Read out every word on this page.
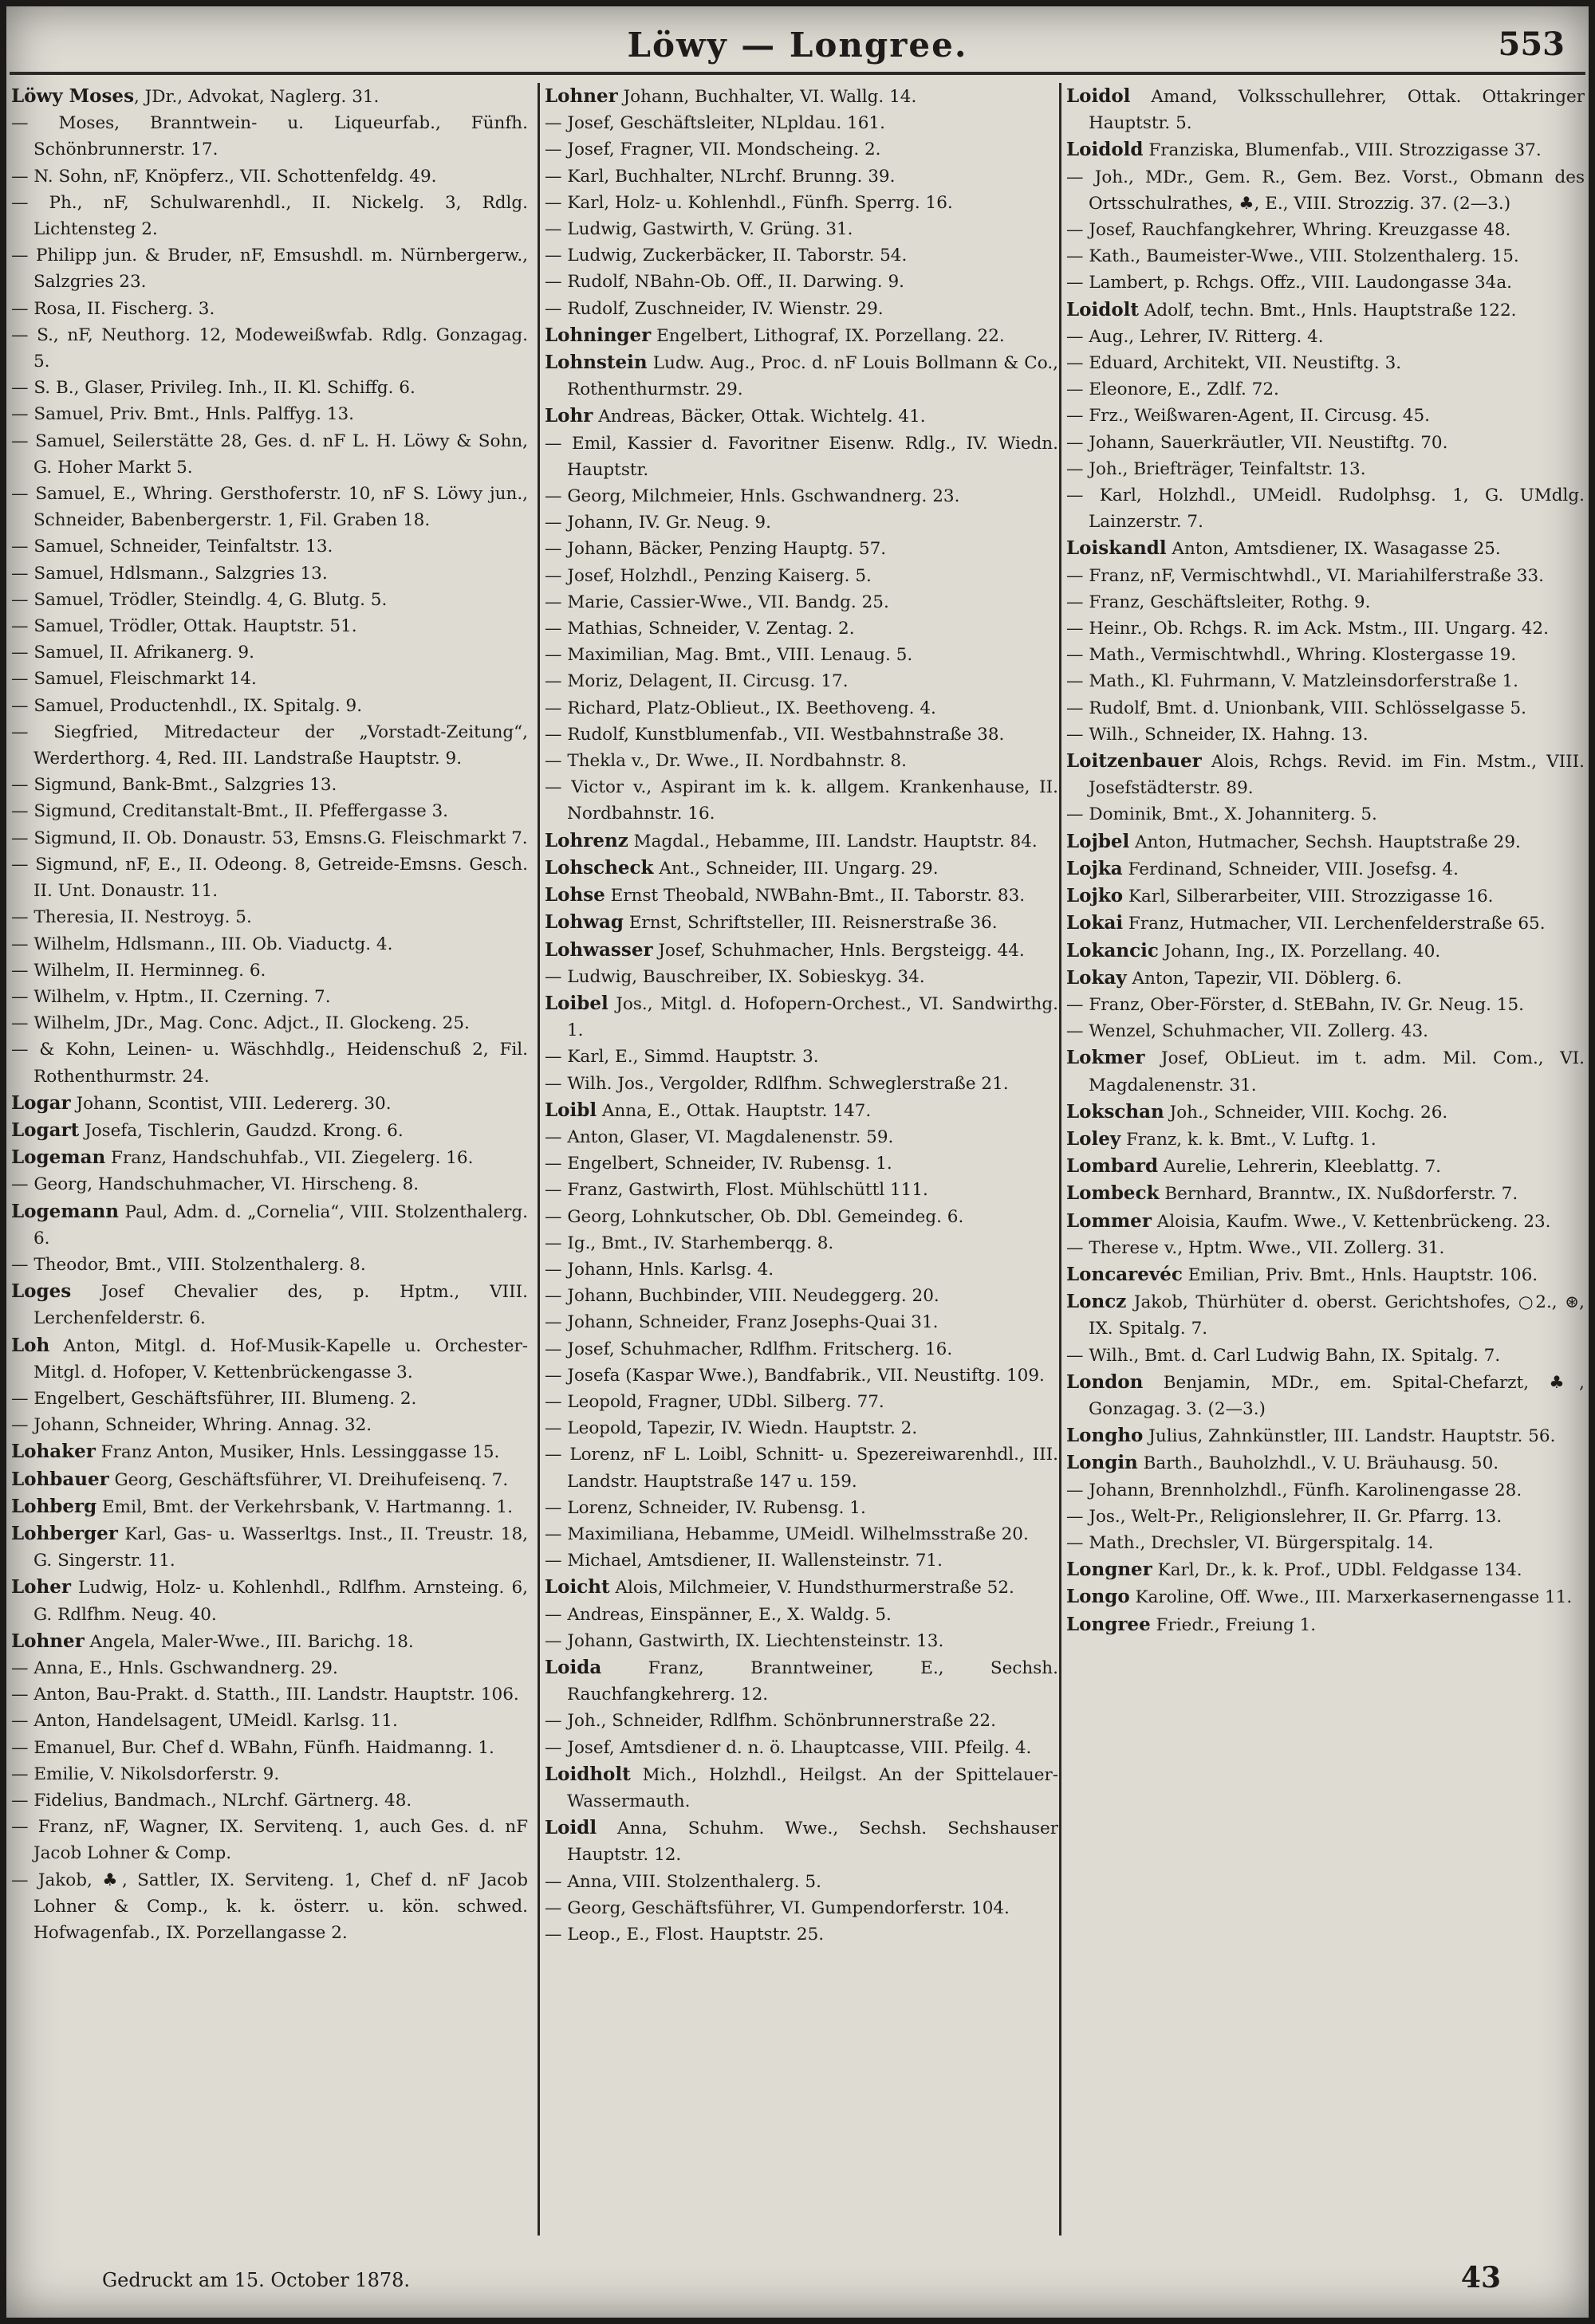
Löwy — Longree.	553

Löwy Moses, JDr., Advokat, Naglerg. 31.

— Moses, Branntwein- u. Liqueurfab., Fünfh. Schönbrunnerstr. 17.

— N. Sohn, nF, Knöpferz., VII. Schottenfeldg. 49.

— Ph., nF, Schulwarenhdl., II. Nickelg. 3, Rdlg. Lichtensteg 2.

— Philipp jun. & Bruder, nF, Emsushdl. m. Nürnbergerw., Salzgries 23.

— Rosa, II. Fischerg. 3.

— S., nF, Neuthorg. 12, Modeweißwfab. Rdlg. Gonzagag. 5.

— S. B., Glaser, Privileg. Inh., II. Kl. Schiffg. 6.

— Samuel, Priv. Bmt., Hnls. Palffyg. 13.

— Samuel, Seilerstätte 28, Ges. d. nF L. H. Löwy & Sohn, G. Hoher Markt 5.

— Samuel, E., Whring. Gersthoferstr. 10, nF S. Löwy jun., Schneider, Babenbergerstr. 1, Fil. Graben 18.

— Samuel, Schneider, Teinfaltstr. 13.

— Samuel, Hdlsmann., Salzgries 13.

— Samuel, Trödler, Steindlg. 4, G. Blutg. 5.

— Samuel, Trödler, Ottak. Hauptstr. 51.

— Samuel, II. Afrikanerg. 9.

— Samuel, Fleischmarkt 14.

— Samuel, Productenhdl., IX. Spitalg. 9.

— Siegfried, Mitredacteur der „Vorstadt-Zeitung“, Werderthorg. 4, Red. III. Landstraße Hauptstr. 9.

— Sigmund, Bank-Bmt., Salzgries 13.

— Sigmund, Creditanstalt-Bmt., II. Pfeffergasse 3.

— Sigmund, II. Ob. Donaustr. 53, Emsns.G. Fleischmarkt 7.

— Sigmund, nF, E., II. Odeong. 8, Getreide-Emsns. Gesch. II. Unt. Donaustr. 11.

— Theresia, II. Nestroyg. 5.

— Wilhelm, Hdlsmann., III. Ob. Viaductg. 4.

— Wilhelm, II. Herminneg. 6.

— Wilhelm, v. Hptm., II. Czerning. 7.

— Wilhelm, JDr., Mag. Conc. Adjct., II. Glockeng. 25.

— & Kohn, Leinen- u. Wäschhdlg., Heidenschuß 2, Fil. Rothenthurmstr. 24.

Logar Johann, Scontist, VIII. Ledererg. 30.

Logart Josefa, Tischlerin, Gaudzd. Krong. 6.

Logeman Franz, Handschuhfab., VII. Ziegelerg. 16.

— Georg, Handschuhmacher, VI. Hirscheng. 8.

Logemann Paul, Adm. d. „Cornelia“, VIII. Stolzenthalerg. 6.

— Theodor, Bmt., VIII. Stolzenthalerg. 8.

Loges Josef Chevalier des, p. Hptm., VIII. Lerchenfelderstr. 6.

Loh Anton, Mitgl. d. Hof-Musik-Kapelle u. Orchester-Mitgl. d. Hofoper, V. Kettenbrückengasse 3.

— Engelbert, Geschäftsführer, III. Blumeng. 2.

— Johann, Schneider, Whring. Annag. 32.

Lohaker Franz Anton, Musiker, Hnls. Lessinggasse 15.

Lohbauer Georg, Geschäftsführer, VI. Dreihufeisenq. 7.

Lohberg Emil, Bmt. der Verkehrsbank, V. Hartmanng. 1.

Lohberger Karl, Gas- u. Wasserltgs. Inst., II. Treustr. 18, G. Singerstr. 11.

Loher Ludwig, Holz- u. Kohlenhdl., Rdlfhm. Arnsteing. 6, G. Rdlfhm. Neug. 40.

Lohner Angela, Maler-Wwe., III. Barichg. 18.

— Anna, E., Hnls. Gschwandnerg. 29.

— Anton, Bau-Prakt. d. Statth., III. Landstr. Hauptstr. 106.

— Anton, Handelsagent, UMeidl. Karlsg. 11.

— Emanuel, Bur. Chef d. WBahn, Fünfh. Haidmanng. 1.

— Emilie, V. Nikolsdorferstr. 9.

— Fidelius, Bandmach., NLrchf. Gärtnerg. 48.

— Franz, nF, Wagner, IX. Servitenq. 1, auch Ges. d. nF Jacob Lohner & Comp.

— Jakob, ♣, Sattler, IX. Serviteng. 1, Chef d. nF Jacob Lohner & Comp., k. k. österr. u. kön. schwed. Hofwagenfab., IX. Porzellangasse 2.

Lohner Johann, Buchhalter, VI. Wallg. 14.

— Josef, Geschäftsleiter, NLpldau. 161.

— Josef, Fragner, VII. Mondscheing. 2.

— Karl, Buchhalter, NLrchf. Brunng. 39.

— Karl, Holz- u. Kohlenhdl., Fünfh. Sperrg. 16.

— Ludwig, Gastwirth, V. Grüng. 31.

— Ludwig, Zuckerbäcker, II. Taborstr. 54.

— Rudolf, NBahn-Ob. Off., II. Darwing. 9.

— Rudolf, Zuschneider, IV. Wienstr. 29.

Lohninger Engelbert, Lithograf, IX. Porzellang. 22.

Lohnstein Ludw. Aug., Proc. d. nF Louis Bollmann & Co., Rothenthurmstr. 29.

Lohr Andreas, Bäcker, Ottak. Wichtelg. 41.

— Emil, Kassier d. Favoritner Eisenw. Rdlg., IV. Wiedn. Hauptstr.

— Georg, Milchmeier, Hnls. Gschwandnerg. 23.

— Johann, IV. Gr. Neug. 9.

— Johann, Bäcker, Penzing Hauptg. 57.

— Josef, Holzhdl., Penzing Kaiserg. 5.

— Marie, Cassier-Wwe., VII. Bandg. 25.

— Mathias, Schneider, V. Zentag. 2.

— Maximilian, Mag. Bmt., VIII. Lenaug. 5.

— Moriz, Delagent, II. Circusg. 17.

— Richard, Platz-Oblieut., IX. Beethoveng. 4.

— Rudolf, Kunstblumenfab., VII. Westbahnstraße 38.

— Thekla v., Dr. Wwe., II. Nordbahnstr. 8.

— Victor v., Aspirant im k. k. allgem. Krankenhause, II. Nordbahnstr. 16.

Lohrenz Magdal., Hebamme, III. Landstr. Hauptstr. 84.

Lohscheck Ant., Schneider, III. Ungarg. 29.

Lohse Ernst Theobald, NWBahn-Bmt., II. Taborstr. 83.

Lohwag Ernst, Schriftsteller, III. Reisnerstraße 36.

Lohwasser Josef, Schuhmacher, Hnls. Bergsteigg. 44.

— Ludwig, Bauschreiber, IX. Sobieskyg. 34.

Loibel Jos., Mitgl. d. Hofopern-Orchest., VI. Sandwirthg. 1.

— Karl, E., Simmd. Hauptstr. 3.

— Wilh. Jos., Vergolder, Rdlfhm. Schweglerstraße 21.

Loibl Anna, E., Ottak. Hauptstr. 147.

— Anton, Glaser, VI. Magdalenenstr. 59.

— Engelbert, Schneider, IV. Rubensg. 1.

— Franz, Gastwirth, Flost. Mühlschüttl 111.

— Georg, Lohnkutscher, Ob. Dbl. Gemeindeg. 6.

— Ig., Bmt., IV. Starhemberqg. 8.

— Johann, Hnls. Karlsg. 4.

— Johann, Buchbinder, VIII. Neudeggerg. 20.

— Johann, Schneider, Franz Josephs-Quai 31.

— Josef, Schuhmacher, Rdlfhm. Fritscherg. 16.

— Josefa (Kaspar Wwe.), Bandfabrik., VII. Neustiftg. 109.

— Leopold, Fragner, UDbl. Silberg. 77.

— Leopold, Tapezir, IV. Wiedn. Hauptstr. 2.

— Lorenz, nF L. Loibl, Schnitt- u. Spezereiwarenhdl., III. Landstr. Hauptstraße 147 u. 159.

— Lorenz, Schneider, IV. Rubensg. 1.

— Maximiliana, Hebamme, UMeidl. Wilhelmsstraße 20.

— Michael, Amtsdiener, II. Wallensteinstr. 71.

Loicht Alois, Milchmeier, V. Hundsthurmerstraße 52.

— Andreas, Einspänner, E., X. Waldg. 5.

— Johann, Gastwirth, IX. Liechtensteinstr. 13.

Loida Franz, Branntweiner, E., Sechsh. Rauchfangkehrerg. 12.

— Joh., Schneider, Rdlfhm. Schönbrunnerstraße 22.

— Josef, Amtsdiener d. n. ö. Lhauptcasse, VIII. Pfeilg. 4.

Loidholt Mich., Holzhdl., Heilgst. An der Spittelauer-Wassermauth.

Loidl Anna, Schuhm. Wwe., Sechsh. Sechshauser Hauptstr. 12.

— Anna, VIII. Stolzenthalerg. 5.

— Georg, Geschäftsführer, VI. Gumpendorferstr. 104.

— Leop., E., Flost. Hauptstr. 25.

Loidol Amand, Volksschullehrer, Ottak. Ottakringer Hauptstr. 5.

Loidold Franziska, Blumenfab., VIII. Strozzigasse 37.

— Joh., MDr., Gem. R., Gem. Bez. Vorst., Obmann des Ortsschulrathes, ♣, E., VIII. Strozzig. 37. (2—3.)

— Josef, Rauchfangkehrer, Whring. Kreuzgasse 48.

— Kath., Baumeister-Wwe., VIII. Stolzenthalerg. 15.

— Lambert, p. Rchgs. Offz., VIII. Laudongasse 34a.

Loidolt Adolf, techn. Bmt., Hnls. Hauptstraße 122.

— Aug., Lehrer, IV. Ritterg. 4.

— Eduard, Architekt, VII. Neustiftg. 3.

— Eleonore, E., Zdlf. 72.

— Frz., Weißwaren-Agent, II. Circusg. 45.

— Johann, Sauerkräutler, VII. Neustiftg. 70.

— Joh., Briefträger, Teinfaltstr. 13.

— Karl, Holzhdl., UMeidl. Rudolphsg. 1, G. UMdlg. Lainzerstr. 7.

Loiskandl Anton, Amtsdiener, IX. Wasagasse 25.

— Franz, nF, Vermischtwhdl., VI. Mariahilferstraße 33.

— Franz, Geschäftsleiter, Rothg. 9.

— Heinr., Ob. Rchgs. R. im Ack. Mstm., III. Ungarg. 42.

— Math., Vermischtwhdl., Whring. Klostergasse 19.

— Math., Kl. Fuhrmann, V. Matzleinsdorferstraße 1.

— Rudolf, Bmt. d. Unionbank, VIII. Schlösselgasse 5.

— Wilh., Schneider, IX. Hahng. 13.

Loitzenbauer Alois, Rchgs. Revid. im Fin. Mstm., VIII. Josefstädterstr. 89.

— Dominik, Bmt., X. Johanniterg. 5.

Lojbel Anton, Hutmacher, Sechsh. Hauptstraße 29.

Lojka Ferdinand, Schneider, VIII. Josefsg. 4.

Lojko Karl, Silberarbeiter, VIII. Strozzigasse 16.

Lokai Franz, Hutmacher, VII. Lerchenfelderstraße 65.

Lokancic Johann, Ing., IX. Porzellang. 40.

Lokay Anton, Tapezir, VII. Döblerg. 6.

— Franz, Ober-Förster, d. StEBahn, IV. Gr. Neug. 15.

— Wenzel, Schuhmacher, VII. Zollerg. 43.

Lokmer Josef, ObLieut. im t. adm. Mil. Com., VI. Magdalenenstr. 31.

Lokschan Joh., Schneider, VIII. Kochg. 26.

Loley Franz, k. k. Bmt., V. Luftg. 1.

Lombard Aurelie, Lehrerin, Kleeblattg. 7.

Lombeck Bernhard, Branntw., IX. Nußdorferstr. 7.

Lommer Aloisia, Kaufm. Wwe., V. Kettenbrückeng. 23.

— Therese v., Hptm. Wwe., VII. Zollerg. 31.

Loncarevéc Emilian, Priv. Bmt., Hnls. Hauptstr. 106.

Loncz Jakob, Thürhüter d. oberst. Gerichtshofes, ○2., ⊛, IX. Spitalg. 7.

— Wilh., Bmt. d. Carl Ludwig Bahn, IX. Spitalg. 7.

London Benjamin, MDr., em. Spital-Chefarzt, ♣, Gonzagag. 3. (2—3.)

Longho Julius, Zahnkünstler, III. Landstr. Hauptstr. 56.

Longin Barth., Bauholzhdl., V. U. Bräuhausg. 50.

— Johann, Brennholzhdl., Fünfh. Karolinengasse 28.

— Jos., Welt-Pr., Religionslehrer, II. Gr. Pfarrg. 13.

— Math., Drechsler, VI. Bürgerspitalg. 14.

Longner Karl, Dr., k. k. Prof., UDbl. Feldgasse 134.

Longo Karoline, Off. Wwe., III. Marxerkasernengasse 11.

Longree Friedr., Freiung 1.

Gedruckt am 15. October 1878.	43
